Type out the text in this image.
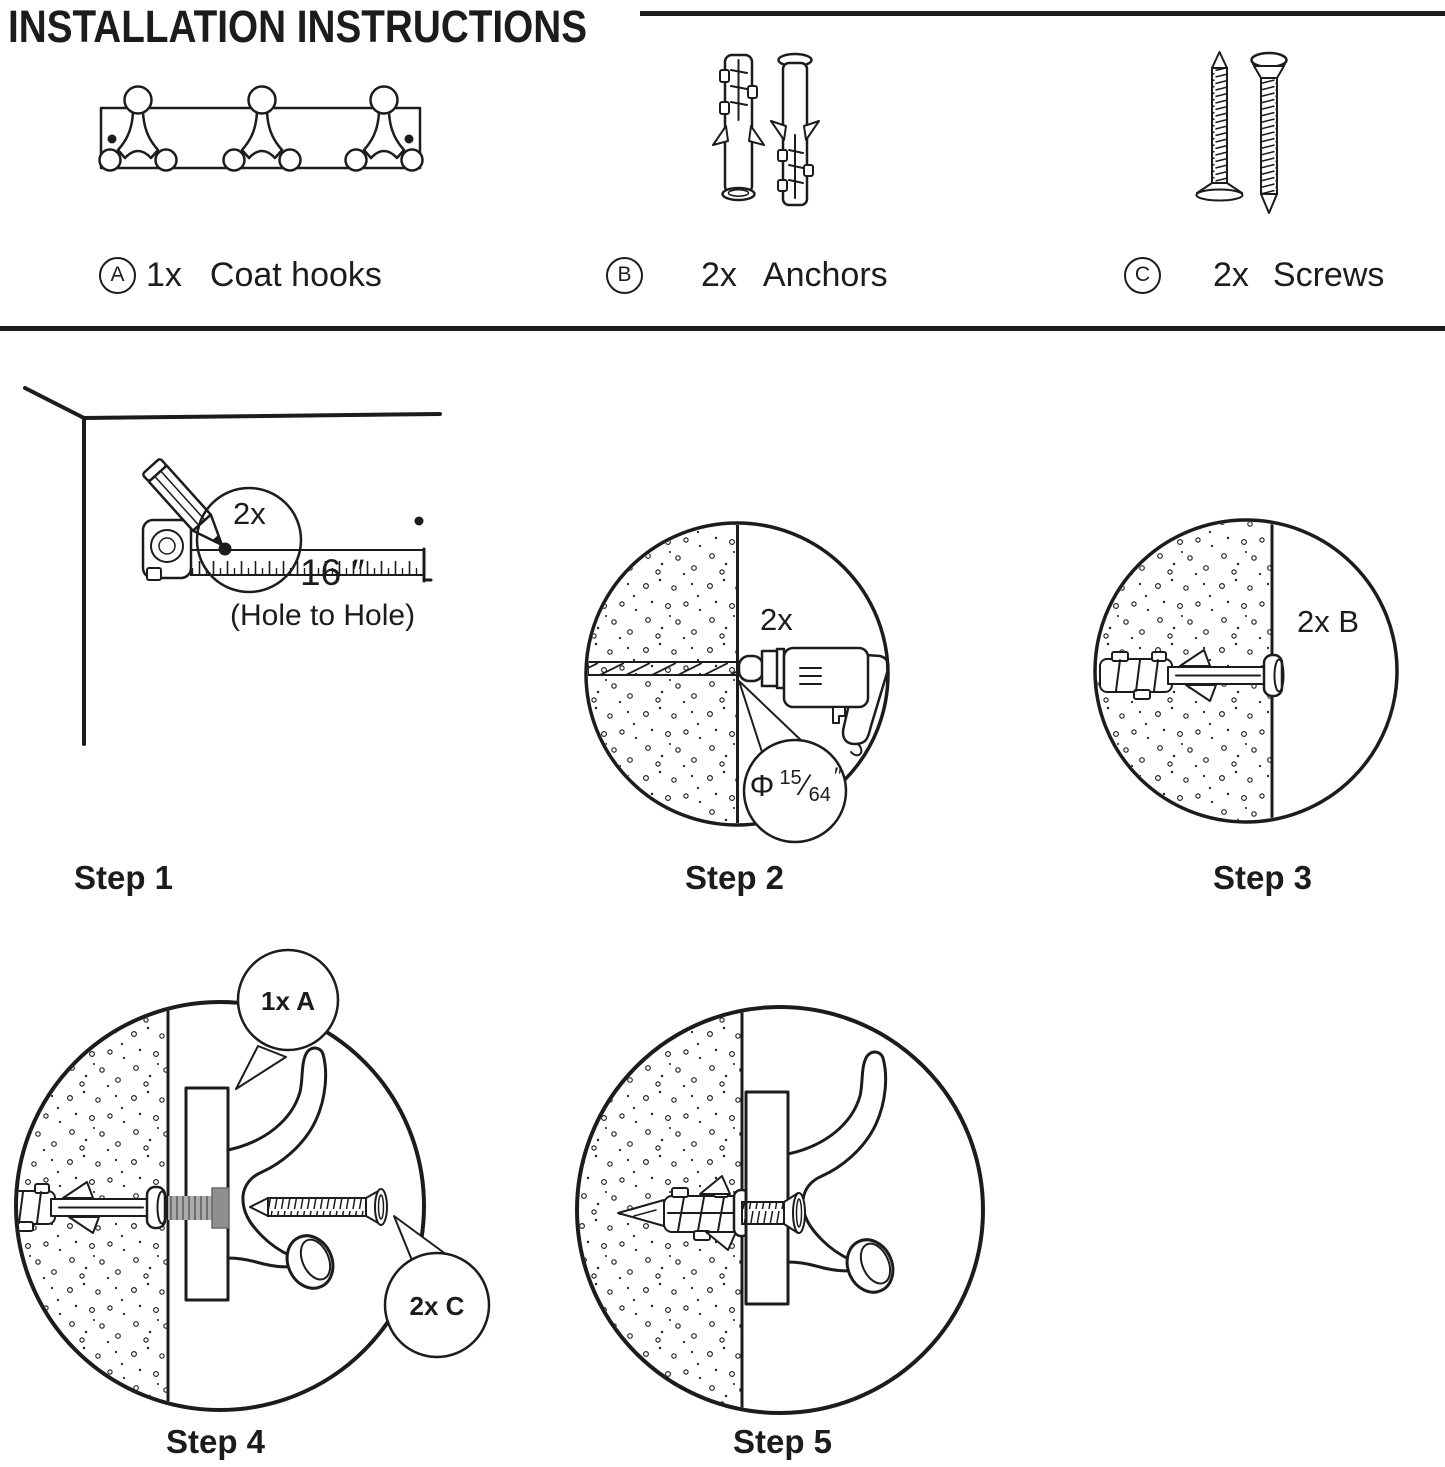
INSTALLATION INSTRUCTIONS
A 1x Coat hooks	B	2x Anchors	C	2x Screws
2x
16 ″
(Hole to Hole)
Step 1
2x
Φ 15 ⁄ 64
″
Step 2
2x B
Step 3
1x A
2x C
Step 4	Step 5
